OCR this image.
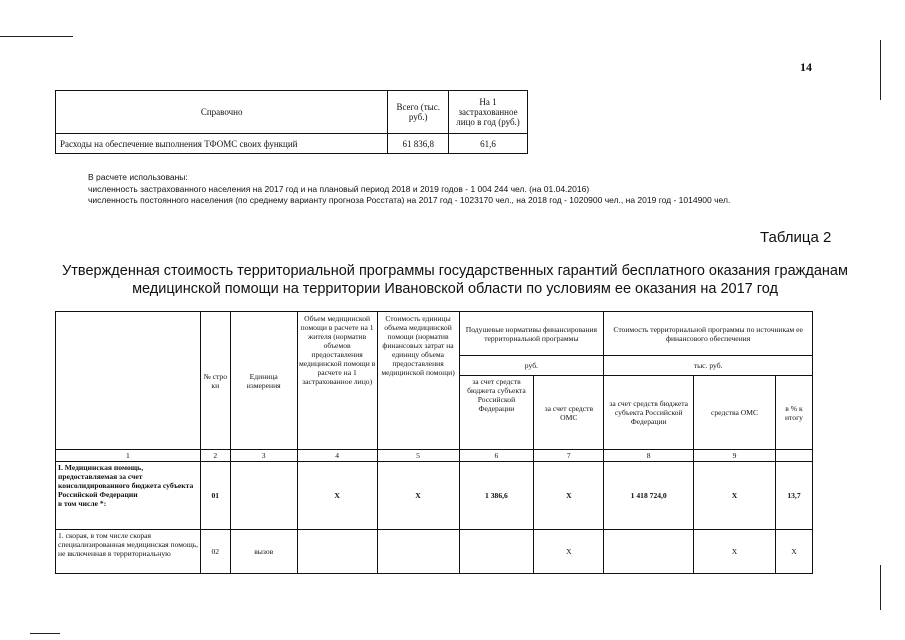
14
Справочно	Всего (тыс. руб.)	На 1 застрахованное лицо в год (руб.)
Расходы на обеспечение выполнения ТФОМС своих функций	61 836,8	61,6
В расчете использованы:
численность застрахованного населения на 2017 год и на плановый период 2018 и 2019 годов - 1 004 244 чел. (на 01.04.2016)
численность постоянного населения (по среднему варианту прогноза Росстата) на 2017 год - 1023170 чел., на 2018 год - 1020900 чел., на 2019 год - 1014900 чел.
Таблица 2
Утвержденная стоимость территориальной программы государственных гарантий бесплатного оказания гражданам
медицинской помощи на территории Ивановской области по условиям ее оказания на 2017 год
	№ стро ки	Единица измерения	Объем медицинской помощи в расчете на 1 жителя (норматив объемов предоставления медицинской помощи в расчете на 1 застрахованное лицо)	Стоимость единицы объема медицинской помощи (норматив финансовых затрат на единицу объема предоставления медицинской помощи)	Подушевые нормативы финансирования территориальной программы		Стоимость территориальной программы по источникам ее финансового обеспечения		
					руб.		тыс. руб.		
					за счет средств бюджета субъекта Российской Федерации	за счет средств ОМС	за счет средств бюджета субъекта Российской Федерации	средства ОМС	в % к итогу
1	2	3	4	5	6	7	8	9	

I. Медицинская помощь, предоставляемая за счет консолидированного бюджета субъекта Российской Федерации
в том числе *:	01		X	X	1 386,6	X	1 418 724,0	X	13,7
1. скорая, в том числе скорая специализированная медицинская помощь, не включенная в территориальную	02	вызов				X		X	X
